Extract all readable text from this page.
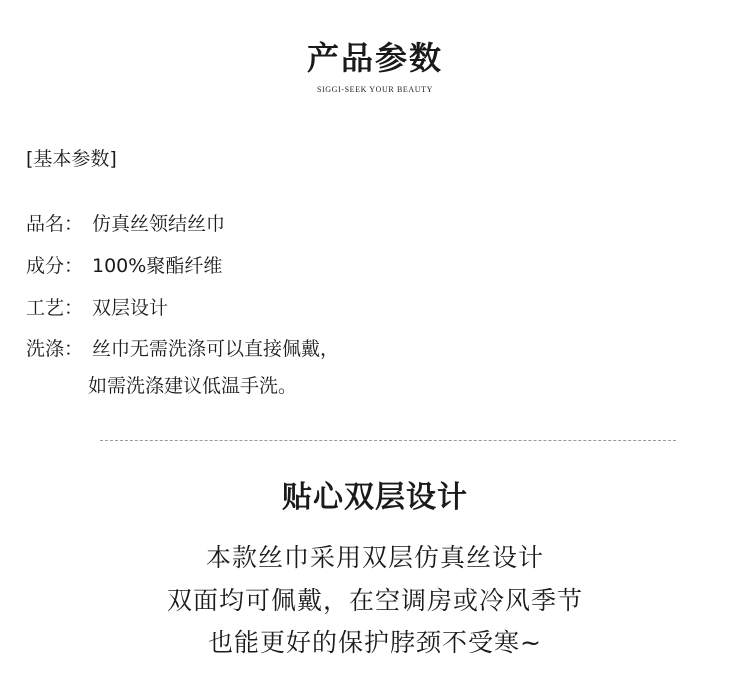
产品参数
SIGGI-SEEK YOUR BEAUTY
[基本参数]
品名： 仿真丝领结丝巾
成分： 100%聚酯纤维
工艺： 双层设计
洗涤： 丝巾无需洗涤可以直接佩戴，
如需洗涤建议低温手洗。
贴心双层设计
本款丝巾采用双层仿真丝设计
双面均可佩戴，在空调房或冷风季节
也能更好的保护脖颈不受寒~
